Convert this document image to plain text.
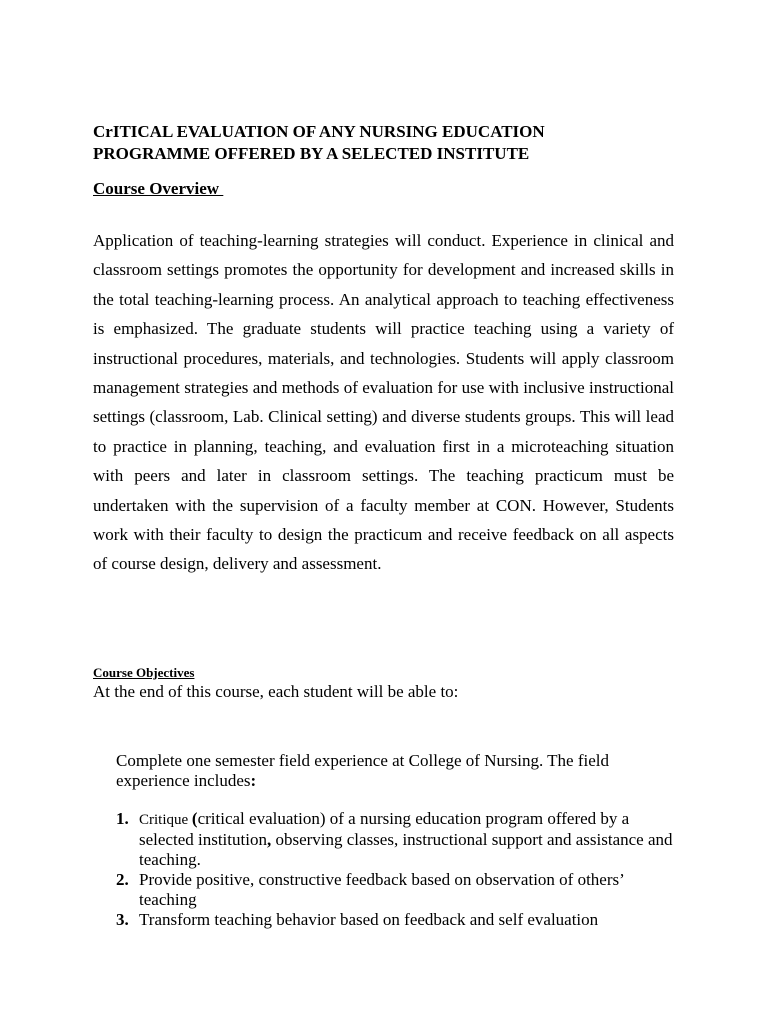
CrITICAL EVALUATION OF ANY NURSING EDUCATION
PROGRAMME OFFERED BY A SELECTED INSTITUTE
Course Overview

Application of teaching-learning strategies will conduct. Experience in clinical and classroom settings promotes the opportunity for development and increased skills in the total teaching-learning process. An analytical approach to teaching effectiveness is emphasized. The graduate students will practice teaching using a variety of instructional procedures, materials, and technologies. Students will apply classroom management strategies and methods of evaluation for use with inclusive instructional settings (classroom, Lab. Clinical setting) and diverse students groups. This will lead to practice in planning, teaching, and evaluation first in a microteaching situation with peers and later in classroom settings. The teaching practicum must be undertaken with the supervision of a faculty member at CON. However, Students work with their faculty to design the practicum and receive feedback on all aspects of course design, delivery and assessment.

Course Objectives

At the end of this course, each student will be able to:

Complete one semester field experience at College of Nursing. The field experience includes:

1. Critique (critical evaluation) of a nursing education program offered by a selected institution, observing classes, instructional support and assistance and teaching.
2. Provide positive, constructive feedback based on observation of others’ teaching
3. Transform teaching behavior based on feedback and self evaluation
